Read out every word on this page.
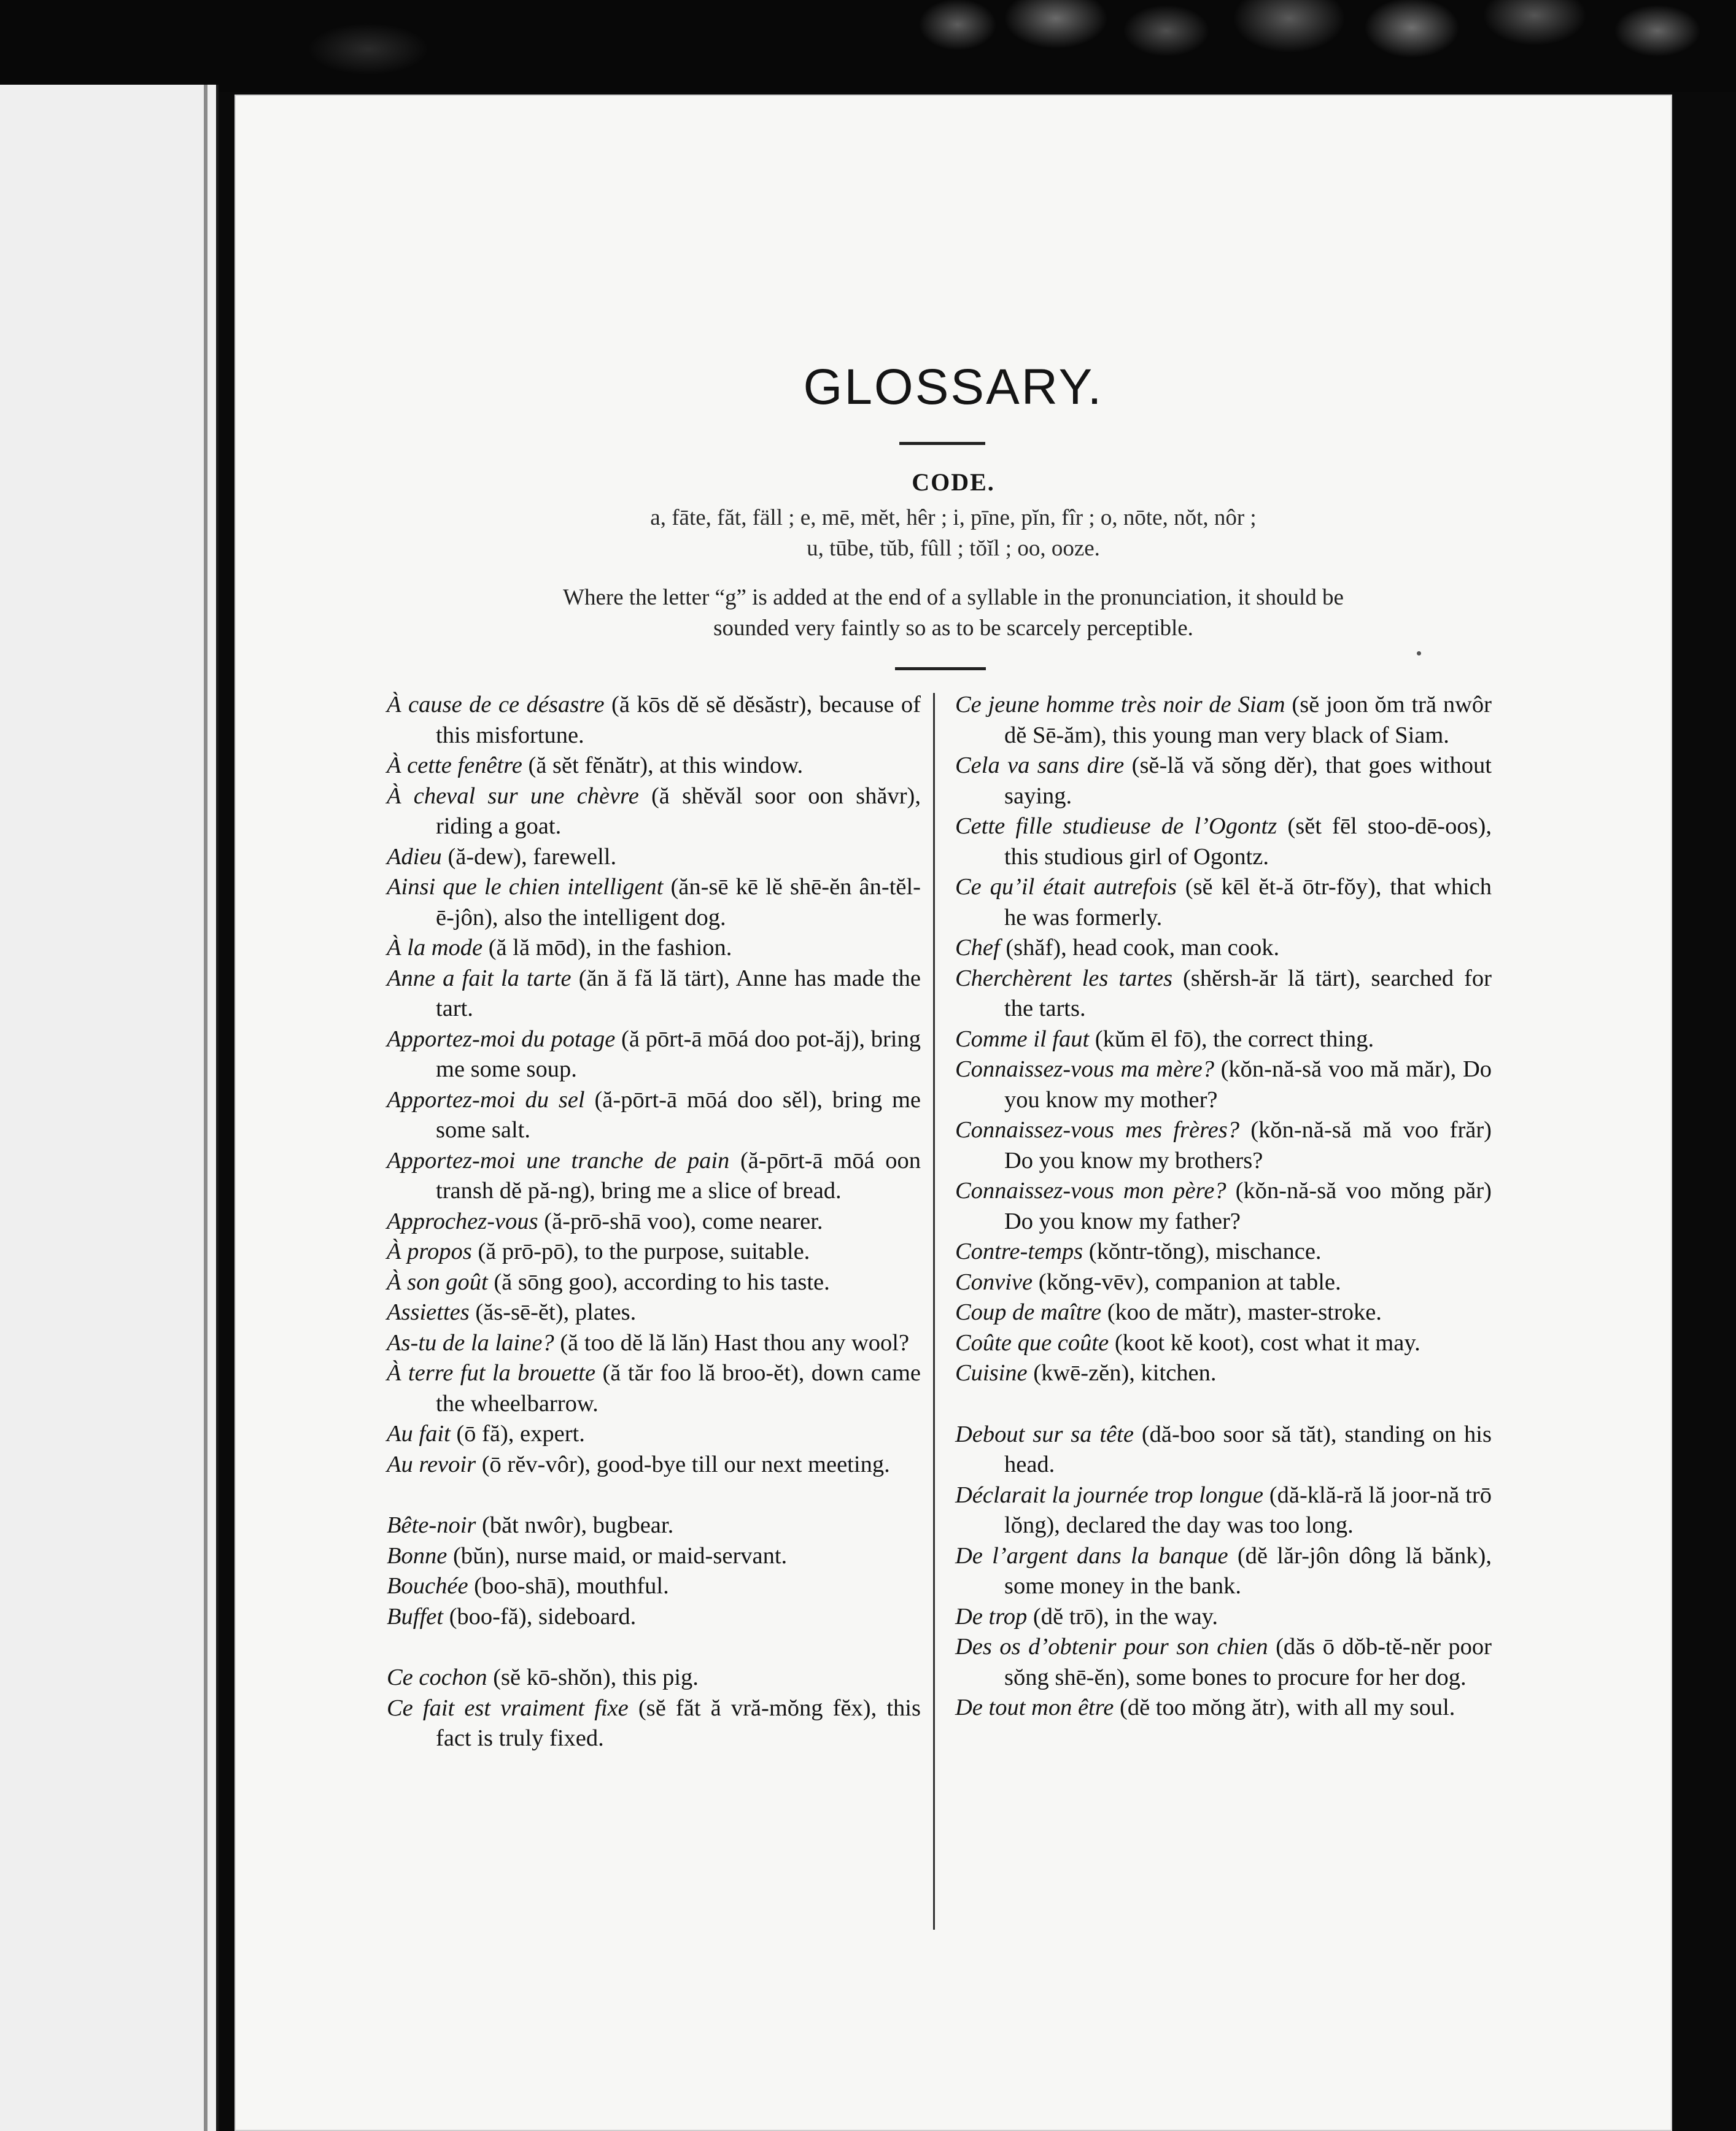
GLOSSARY.
CODE.
a, fāte, făt, fäll ; e, mē, mĕt, hêr ; i, pīne, pĭn, fîr ; o, nōte, nŏt, nôr ;
u, tūbe, tŭb, fûll ; tŏĭl ; oo, ooze.
Where the letter “g” is added at the end of a syllable in the pronunciation, it should be
sounded very faintly so as to be scarcely perceptible.
À cause de ce désastre (ă kōs dĕ sĕ dĕsăstr), because of this misfortune.
À cette fenêtre (ă sĕt fĕnătr), at this window.
À cheval sur une chèvre (ă shĕvăl soor oon shăvr), riding a goat.
Adieu (ă-dew), farewell.
Ainsi que le chien intelligent (ăn-sē kē lĕ shē-ĕn ân-tĕl-ē-jôn), also the intelligent dog.
À la mode (ă lă mōd), in the fashion.
Anne a fait la tarte (ăn ă fă lă tärt), Anne has made the tart.
Apportez-moi du potage (ă pōrt-ā mōá doo pot-ăj), bring me some soup.
Apportez-moi du sel (ă-pōrt-ā mōá doo sĕl), bring me some salt.
Apportez-moi une tranche de pain (ă-pōrt-ā mōá oon transh dĕ pă-ng), bring me a slice of bread.
Approchez-vous (ă-prō-shā voo), come nearer.
À propos (ă prō-pō), to the purpose, suitable.
À son goût (ă sōng goo), according to his taste.
Assiettes (ăs-sē-ĕt), plates.
As-tu de la laine? (ă too dĕ lă lăn) Hast thou any wool?
À terre fut la brouette (ă tăr foo lă broo-ĕt), down came the wheelbarrow.
Au fait (ō fă), expert.
Au revoir (ō rĕv-vôr), good-bye till our next meeting.
Bête-noir (băt nwôr), bugbear.
Bonne (bŭn), nurse maid, or maid-servant.
Bouchée (boo-shā), mouthful.
Buffet (boo-fă), sideboard.
Ce cochon (sĕ kō-shŏn), this pig.
Ce fait est vraiment fixe (sĕ făt ă vră-mŏng fĕx), this fact is truly fixed.
Ce jeune homme très noir de Siam (sĕ joon ŏm tră nwôr dĕ Sē-ăm), this young man very black of Siam.
Cela va sans dire (sĕ-lă vă sŏng dĕr), that goes without saying.
Cette fille studieuse de l’Ogontz (sĕt fēl stoo-dē-oos), this studious girl of Ogontz.
Ce qu’il était autrefois (sĕ kēl ĕt-ă ōtr-fŏy), that which he was formerly.
Chef (shăf), head cook, man cook.
Cherchèrent les tartes (shĕrsh-ăr lă tärt), searched for the tarts.
Comme il faut (kŭm ēl fō), the correct thing.
Connaissez-vous ma mère? (kŏn-nă-să voo mă măr), Do you know my mother?
Connaissez-vous mes frères? (kŏn-nă-să mă voo frăr) Do you know my brothers?
Connaissez-vous mon père? (kŏn-nă-să voo mŏng păr) Do you know my father?
Contre-temps (kŏntr-tŏng), mischance.
Convive (kŏng-vēv), companion at table.
Coup de maître (koo de mătr), master-stroke.
Coûte que coûte (koot kĕ koot), cost what it may.
Cuisine (kwē-zĕn), kitchen.
Debout sur sa tête (dă-boo soor să tăt), standing on his head.
Déclarait la journée trop longue (dă-klă-ră lă joor-nă trō lŏng), declared the day was too long.
De l’argent dans la banque (dĕ lăr-jôn dông lă bănk), some money in the bank.
De trop (dĕ trō), in the way.
Des os d’obtenir pour son chien (dăs ō dŏb-tĕ-nĕr poor sŏng shē-ĕn), some bones to procure for her dog.
De tout mon être (dĕ too mŏng ătr), with all my soul.
